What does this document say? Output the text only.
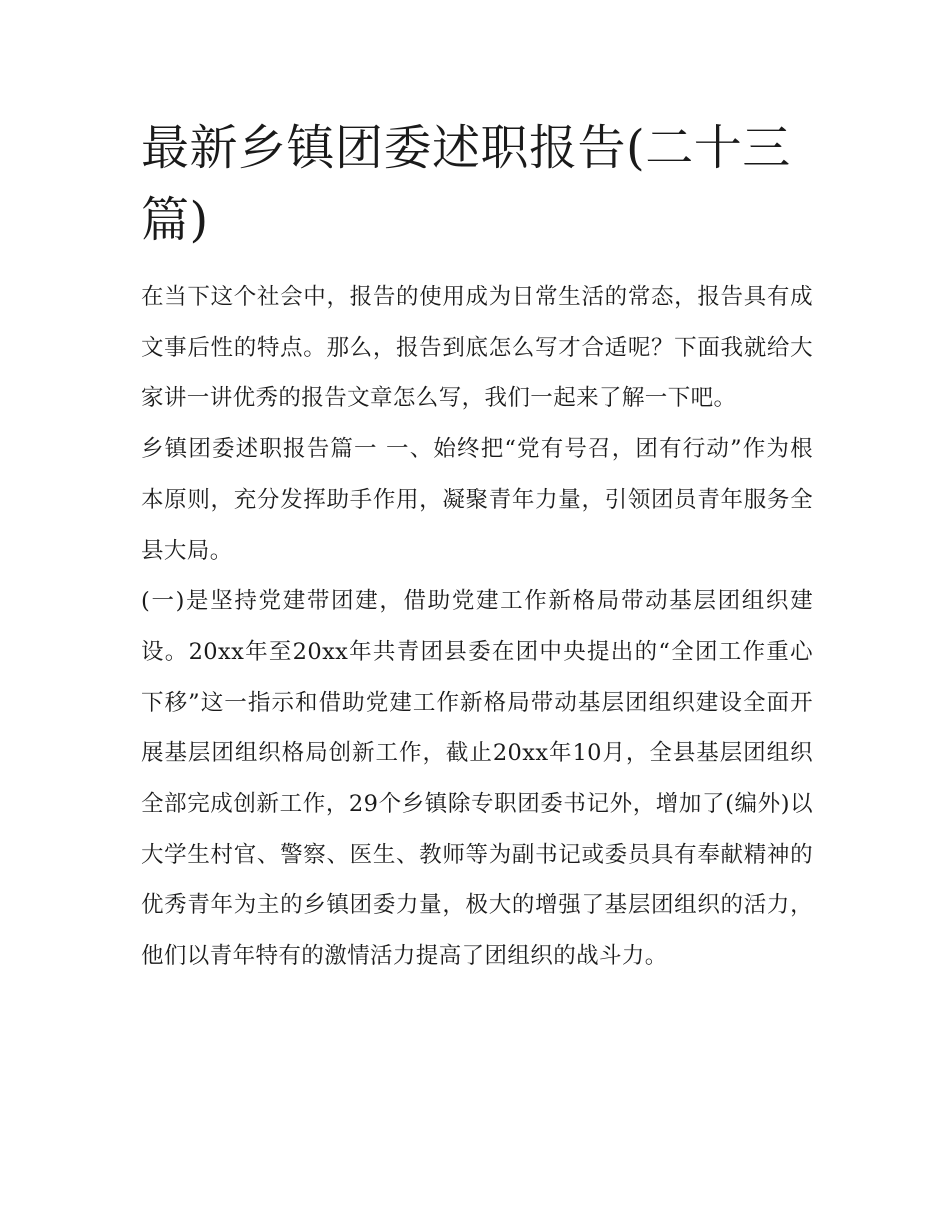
最新乡镇团委述职报告(二十三篇)

在当下这个社会中，报告的使用成为日常生活的常态，报告具有成文事后性的特点。那么，报告到底怎么写才合适呢？下面我就给大家讲一讲优秀的报告文章怎么写，我们一起来了解一下吧。

乡镇团委述职报告篇一 一、始终把“党有号召，团有行动”作为根本原则，充分发挥助手作用，凝聚青年力量，引领团员青年服务全县大局。

(一)是坚持党建带团建，借助党建工作新格局带动基层团组织建设。20xx年至20xx年共青团县委在团中央提出的“全团工作重心下移”这一指示和借助党建工作新格局带动基层团组织建设全面开展基层团组织格局创新工作，截止20xx年10月，全县基层团组织全部完成创新工作，29个乡镇除专职团委书记外，增加了(编外)以大学生村官、警察、医生、教师等为副书记或委员具有奉献精神的优秀青年为主的乡镇团委力量，极大的增强了基层团组织的活力，他们以青年特有的激情活力提高了团组织的战斗力。
